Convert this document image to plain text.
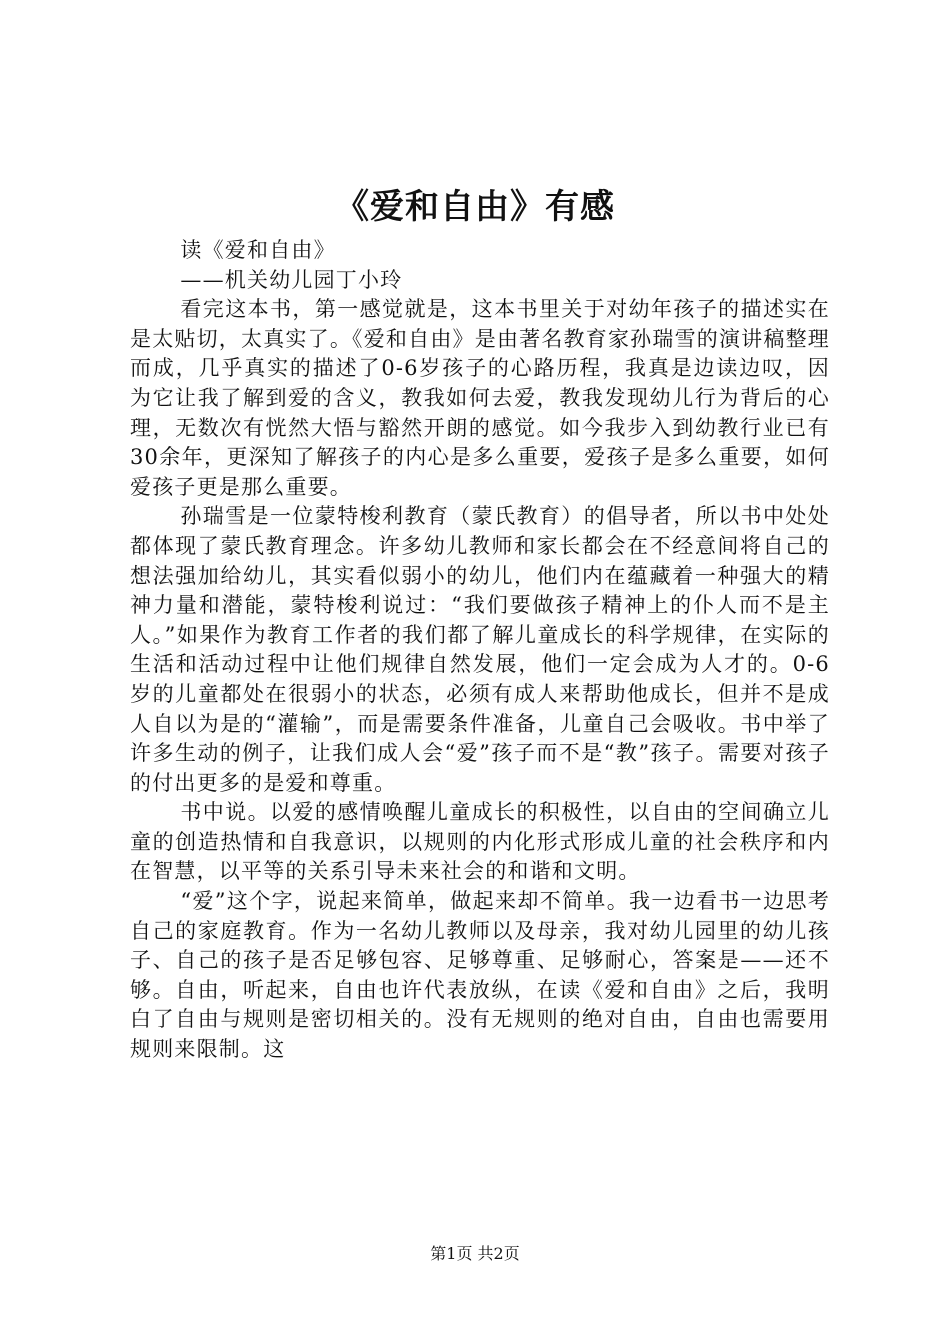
《爱和自由》有感

读《爱和自由》

——机关幼儿园丁小玲

看完这本书，第一感觉就是，这本书里关于对幼年孩子的描述实在是太贴切，太真实了。《爱和自由》是由著名教育家孙瑞雪的演讲稿整理而成，几乎真实的描述了0-6岁孩子的心路历程，我真是边读边叹，因为它让我了解到爱的含义，教我如何去爱，教我发现幼儿行为背后的心理，无数次有恍然大悟与豁然开朗的感觉。如今我步入到幼教行业已有30余年，更深知了解孩子的内心是多么重要，爱孩子是多么重要，如何爱孩子更是那么重要。

孙瑞雪是一位蒙特梭利教育（蒙氏教育）的倡导者，所以书中处处都体现了蒙氏教育理念。许多幼儿教师和家长都会在不经意间将自己的想法强加给幼儿，其实看似弱小的幼儿，他们内在蕴藏着一种强大的精神力量和潜能，蒙特梭利说过：“我们要做孩子精神上的仆人而不是主人。”如果作为教育工作者的我们都了解儿童成长的科学规律，在实际的生活和活动过程中让他们规律自然发展，他们一定会成为人才的。0-6岁的儿童都处在很弱小的状态，必须有成人来帮助他成长，但并不是成人自以为是的“灌输”，而是需要条件准备，儿童自己会吸收。书中举了许多生动的例子，让我们成人会“爱”孩子而不是“教”孩子。需要对孩子的付出更多的是爱和尊重。

书中说。以爱的感情唤醒儿童成长的积极性，以自由的空间确立儿童的创造热情和自我意识，以规则的内化形式形成儿童的社会秩序和内在智慧，以平等的关系引导未来社会的和谐和文明。

“爱”这个字，说起来简单，做起来却不简单。我一边看书一边思考自己的家庭教育。作为一名幼儿教师以及母亲，我对幼儿园里的幼儿孩子、自己的孩子是否足够包容、足够尊重、足够耐心，答案是——还不够。自由，听起来，自由也许代表放纵，在读《爱和自由》之后，我明白了自由与规则是密切相关的。没有无规则的绝对自由，自由也需要用规则来限制。这

第1页 共2页
